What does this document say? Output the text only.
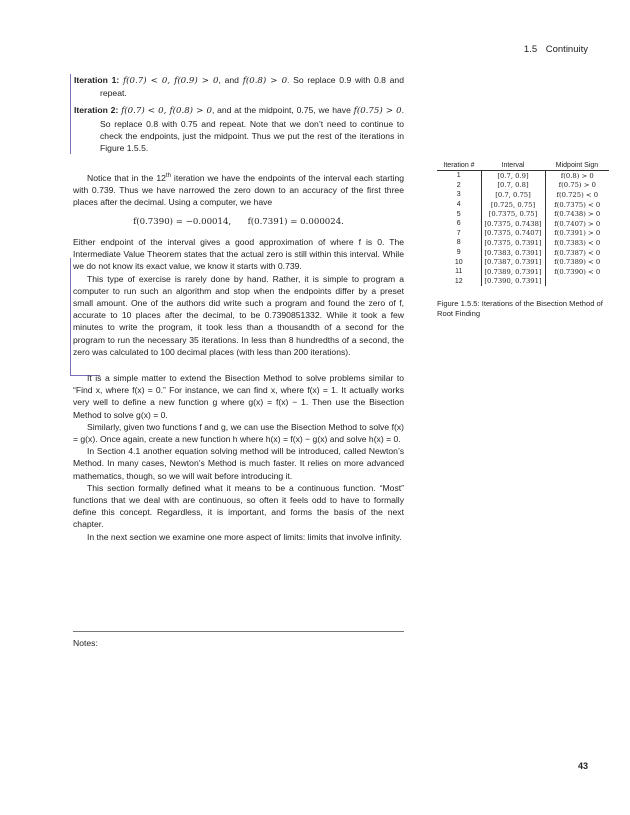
1.5 Continuity

Iteration 1: f(0.7) < 0, f(0.9) > 0, and f(0.8) > 0. So replace 0.9 with 0.8 and repeat.

Iteration 2: f(0.7) < 0, f(0.8) > 0, and at the midpoint, 0.75, we have f(0.75) > 0. So replace 0.8 with 0.75 and repeat. Note that we don’t need to continue to check the endpoints, just the midpoint. Thus we put the rest of the iterations in Figure 1.5.5.

Notice that in the 12th iteration we have the endpoints of the interval each starting with 0.739. Thus we have narrowed the zero down to an accuracy of the first three places after the decimal. Using a computer, we have

f(0.7390) = −0.00014, f(0.7391) = 0.000024.

Either endpoint of the interval gives a good approximation of where f is 0. The Intermediate Value Theorem states that the actual zero is still within this interval. While we do not know its exact value, we know it starts with 0.739.

This type of exercise is rarely done by hand. Rather, it is simple to program a computer to run such an algorithm and stop when the endpoints differ by a preset small amount. One of the authors did write such a program and found the zero of f, accurate to 10 places after the decimal, to be 0.7390851332. While it took a few minutes to write the program, it took less than a thousandth of a second for the program to run the necessary 35 iterations. In less than 8 hundredths of a second, the zero was calculated to 100 decimal places (with less than 200 iterations).

It is a simple matter to extend the Bisection Method to solve problems similar to “Find x, where f(x) = 0.” For instance, we can find x, where f(x) = 1. It actually works very well to define a new function g where g(x) = f(x) − 1. Then use the Bisection Method to solve g(x) = 0.

Similarly, given two functions f and g, we can use the Bisection Method to solve f(x) = g(x). Once again, create a new function h where h(x) = f(x) − g(x) and solve h(x) = 0.

In Section 4.1 another equation solving method will be introduced, called Newton’s Method. In many cases, Newton’s Method is much faster. It relies on more advanced mathematics, though, so we will wait before introducing it.

This section formally defined what it means to be a continuous function. “Most” functions that we deal with are continuous, so often it feels odd to have to formally define this concept. Regardless, it is important, and forms the basis of the next chapter.

In the next section we examine one more aspect of limits: limits that involve infinity.

Notes:
Iteration #	Interval	Midpoint Sign
1	[0.7, 0.9]	f(0.8) > 0
2	[0.7, 0.8]	f(0.75) > 0
3	[0.7, 0.75]	f(0.725) < 0
4	[0.725, 0.75]	f(0.7375) < 0
5	[0.7375, 0.75]	f(0.7438) > 0
6	[0.7375, 0.7438]	f(0.7407) > 0
7	[0.7375, 0.7407]	f(0.7391) > 0
8	[0.7375, 0.7391]	f(0.7383) < 0
9	[0.7383, 0.7391]	f(0.7387) < 0
10	[0.7387, 0.7391]	f(0.7389) < 0
11	[0.7389, 0.7391]	f(0.7390) < 0
12	[0.7390, 0.7391]	
Figure 1.5.5: Iterations of the Bisection Method of Root Finding
43
